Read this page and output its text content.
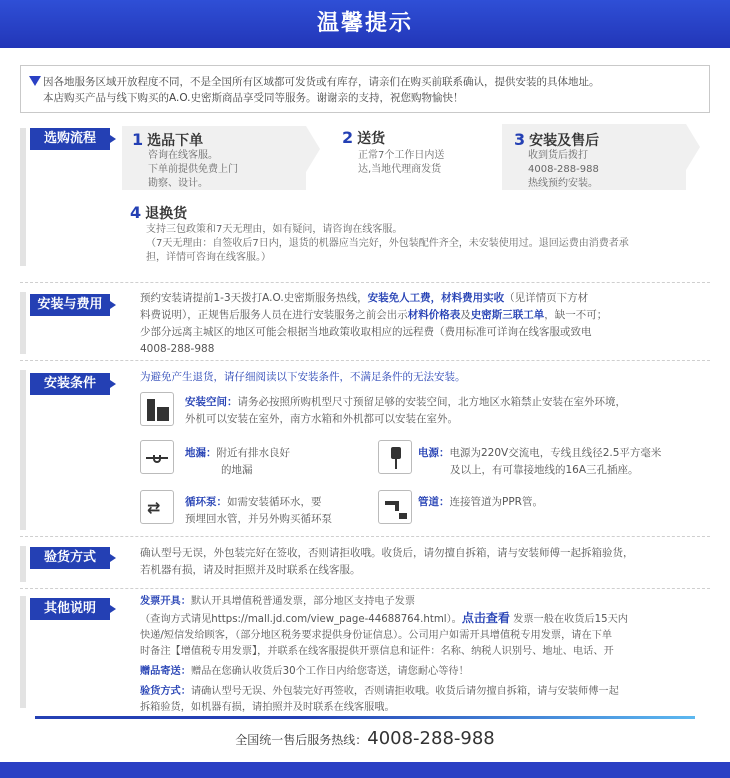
温馨提示
因各地服务区域开放程度不同，不是全国所有区域都可发货或有库存，请亲们在购买前联系确认，提供安装的具体地址。
本店购买产品与线下购买的A.O.史密斯商品享受同等服务。谢谢亲的支持，祝您购物愉快！
选购流程	1 选品下单
咨询在线客服。
下单前提供免费上门
勘察、设计。
2 送货
正常7个工作日内送
达,当地代理商发货
3 安装及售后
收到货后拨打
4008-288-988
热线预约安装。
4 退换货
支持三包政策和7天无理由，如有疑问，请咨询在线客服。
（7天无理由：自签收后7日内，退货的机器应当完好，外包装配件齐全，未安装使用过。退回运费由消费者承
担，详情可咨询在线客服。）
安装与费用	预约安装请提前1-3天拨打A.O.史密斯服务热线，安装免人工费，材料费用实收（见详情页下方材
料费说明），正规售后服务人员在进行安装服务之前会出示材料价格表及史密斯三联工单，缺一不可；
少部分远离主城区的地区可能会根据当地政策收取相应的远程费（费用标准可详询在线客服或致电
4008-288-988
安装条件	为避免产生退货，请仔细阅读以下安装条件，不满足条件的无法安装。
安装空间：请务必按照所购机型尺寸预留足够的安装空间，北方地区水箱禁止安装在室外环境，
外机可以安装在室外，南方水箱和外机都可以安装在室外。
地漏：附近有排水良好
的地漏
电源：电源为220V交流电，专线且线径2.5平方毫米
及以上，有可靠接地线的16A三孔插座。
⇄ 循环泵：如需安装循环水，要
预埋回水管，并另外购买循环泵
管道：连接管道为PPR管。
验货方式	确认型号无误，外包装完好在签收，否则请拒收哦。收货后，请勿擅自拆箱，请与安装师傅一起拆箱验货，
若机器有损，请及时拒照并及时联系在线客服。
其他说明	发票开具：默认开具增值税普通发票，部分地区支持电子发票
（查询方式请见https://mall.jd.com/view_page-44688764.html）。点击查看 发票一般在收货后15天内
快递/短信发给顾客，（部分地区税务要求提供身份证信息）。公司用户如需开具增值税专用发票，请在下单
时备注【增值税专用发票】，并联系在线客服提供开票信息和证件：名称、纳税人识别号、地址、电话、开
赠品寄送：赠品在您确认收货后30个工作日内给您寄送，请您耐心等待！
验货方式：请确认型号无误、外包装完好再签收，否则请拒收哦。收货后请勿擅自拆箱，请与安装师傅一起
拆箱验货，如机器有损，请拍照并及时联系在线客服哦。
全国统一售后服务热线：4008-288-988
